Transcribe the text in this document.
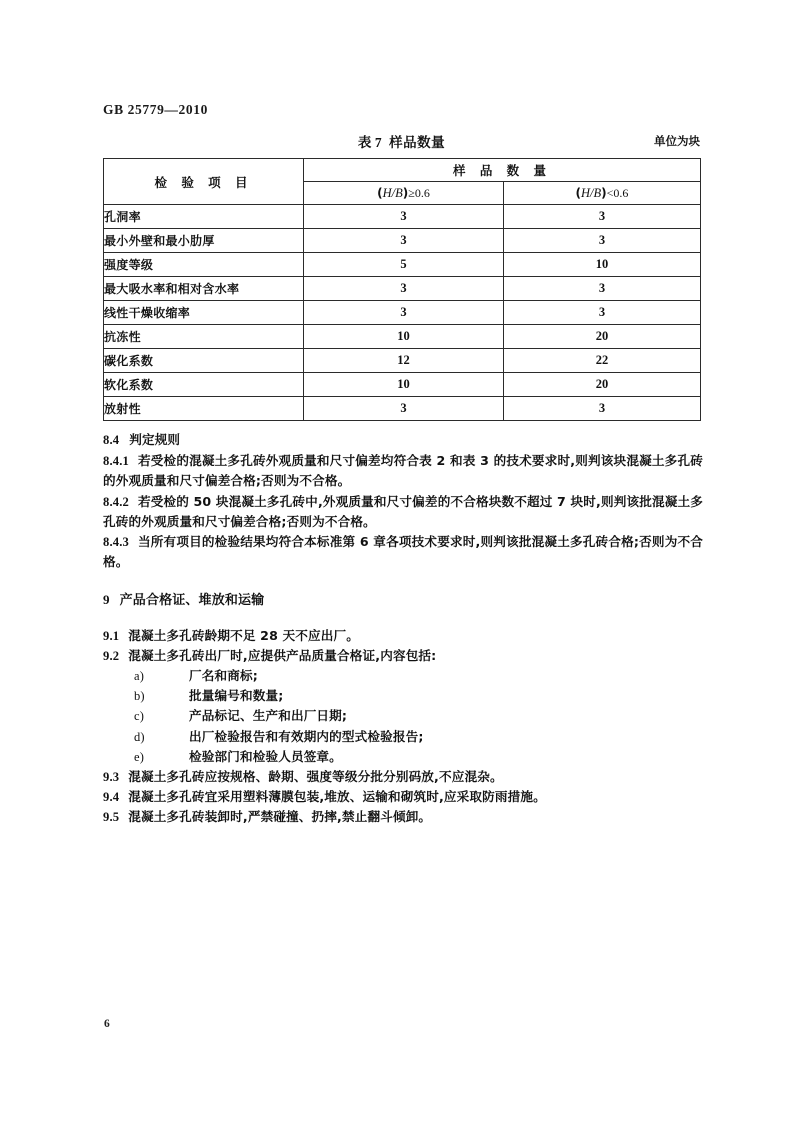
GB 25779—2010
表 7 样品数量	单位为块
检 验 项 目	样 品 数 量	
	(H/B)≥0.6	(H/B)<0.6
孔洞率	3	3
最小外壁和最小肋厚	3	3
强度等级	5	10
最大吸水率和相对含水率	3	3
线性干燥收缩率	3	3
抗冻性	10	20
碳化系数	12	22
软化系数	10	20
放射性	3	3

8.4 判定规则

8.4.1 若受检的混凝土多孔砖外观质量和尺寸偏差均符合表 2 和表 3 的技术要求时,则判该块混凝土多孔砖的外观质量和尺寸偏差合格;否则为不合格。

8.4.2 若受检的 50 块混凝土多孔砖中,外观质量和尺寸偏差的不合格块数不超过 7 块时,则判该批混凝土多孔砖的外观质量和尺寸偏差合格;否则为不合格。

8.4.3 当所有项目的检验结果均符合本标准第 6 章各项技术要求时,则判该批混凝土多孔砖合格;否则为不合格。

9 产品合格证、堆放和运输

9.1 混凝土多孔砖龄期不足 28 天不应出厂。

9.2 混凝土多孔砖出厂时,应提供产品质量合格证,内容包括:

a)	厂名和商标;
b)	批量编号和数量;
c)	产品标记、生产和出厂日期;
d)	出厂检验报告和有效期内的型式检验报告;
e)	检验部门和检验人员签章。

9.3 混凝土多孔砖应按规格、龄期、强度等级分批分别码放,不应混杂。

9.4 混凝土多孔砖宜采用塑料薄膜包装,堆放、运输和砌筑时,应采取防雨措施。

9.5 混凝土多孔砖装卸时,严禁碰撞、扔摔,禁止翻斗倾卸。

6
